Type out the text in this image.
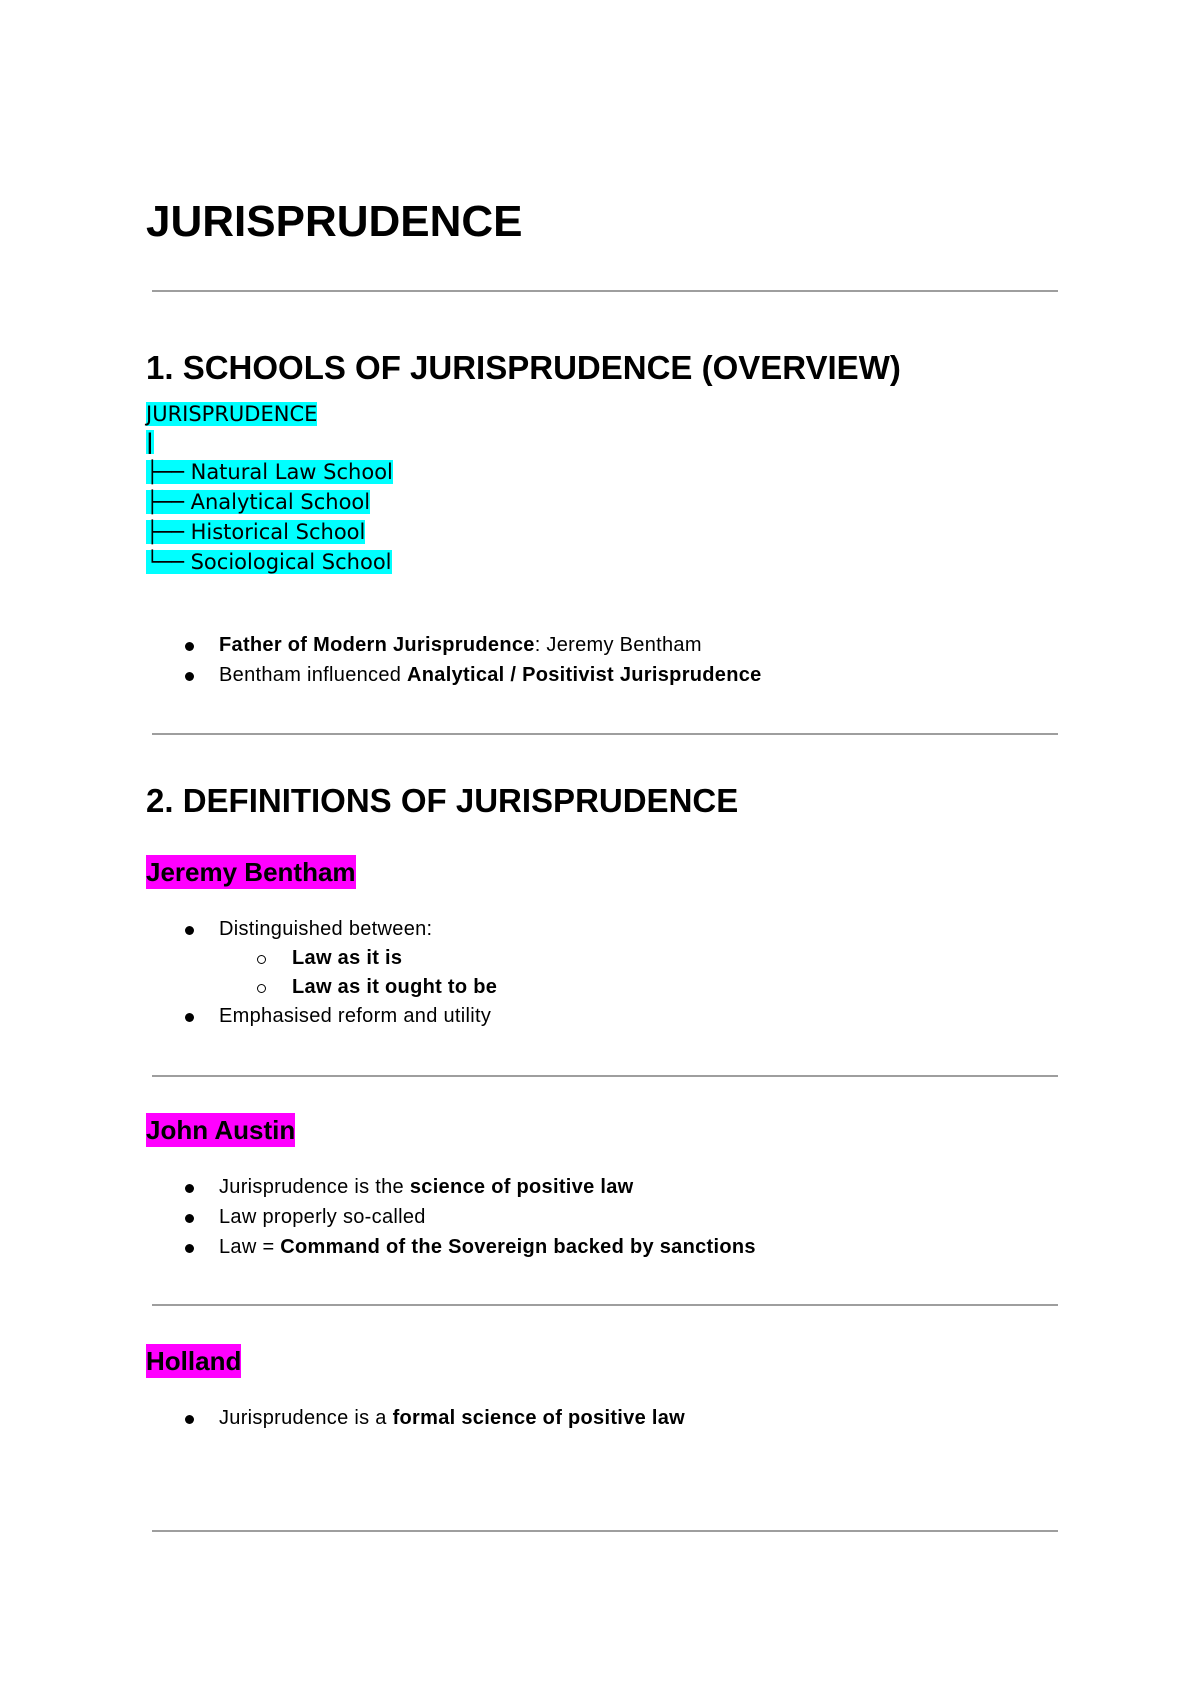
JURISPRUDENCE
1. SCHOOLS OF JURISPRUDENCE (OVERVIEW)
JURISPRUDENCE
|
├── Natural Law School
├── Analytical School
├── Historical School
└── Sociological School
Father of Modern Jurisprudence: Jeremy Bentham
Bentham influenced Analytical / Positivist Jurisprudence
2. DEFINITIONS OF JURISPRUDENCE
Jeremy Bentham
Distinguished between:
Law as it is
Law as it ought to be
Emphasised reform and utility
John Austin
Jurisprudence is the science of positive law
Law properly so-called
Law = Command of the Sovereign backed by sanctions
Holland
Jurisprudence is a formal science of positive law
